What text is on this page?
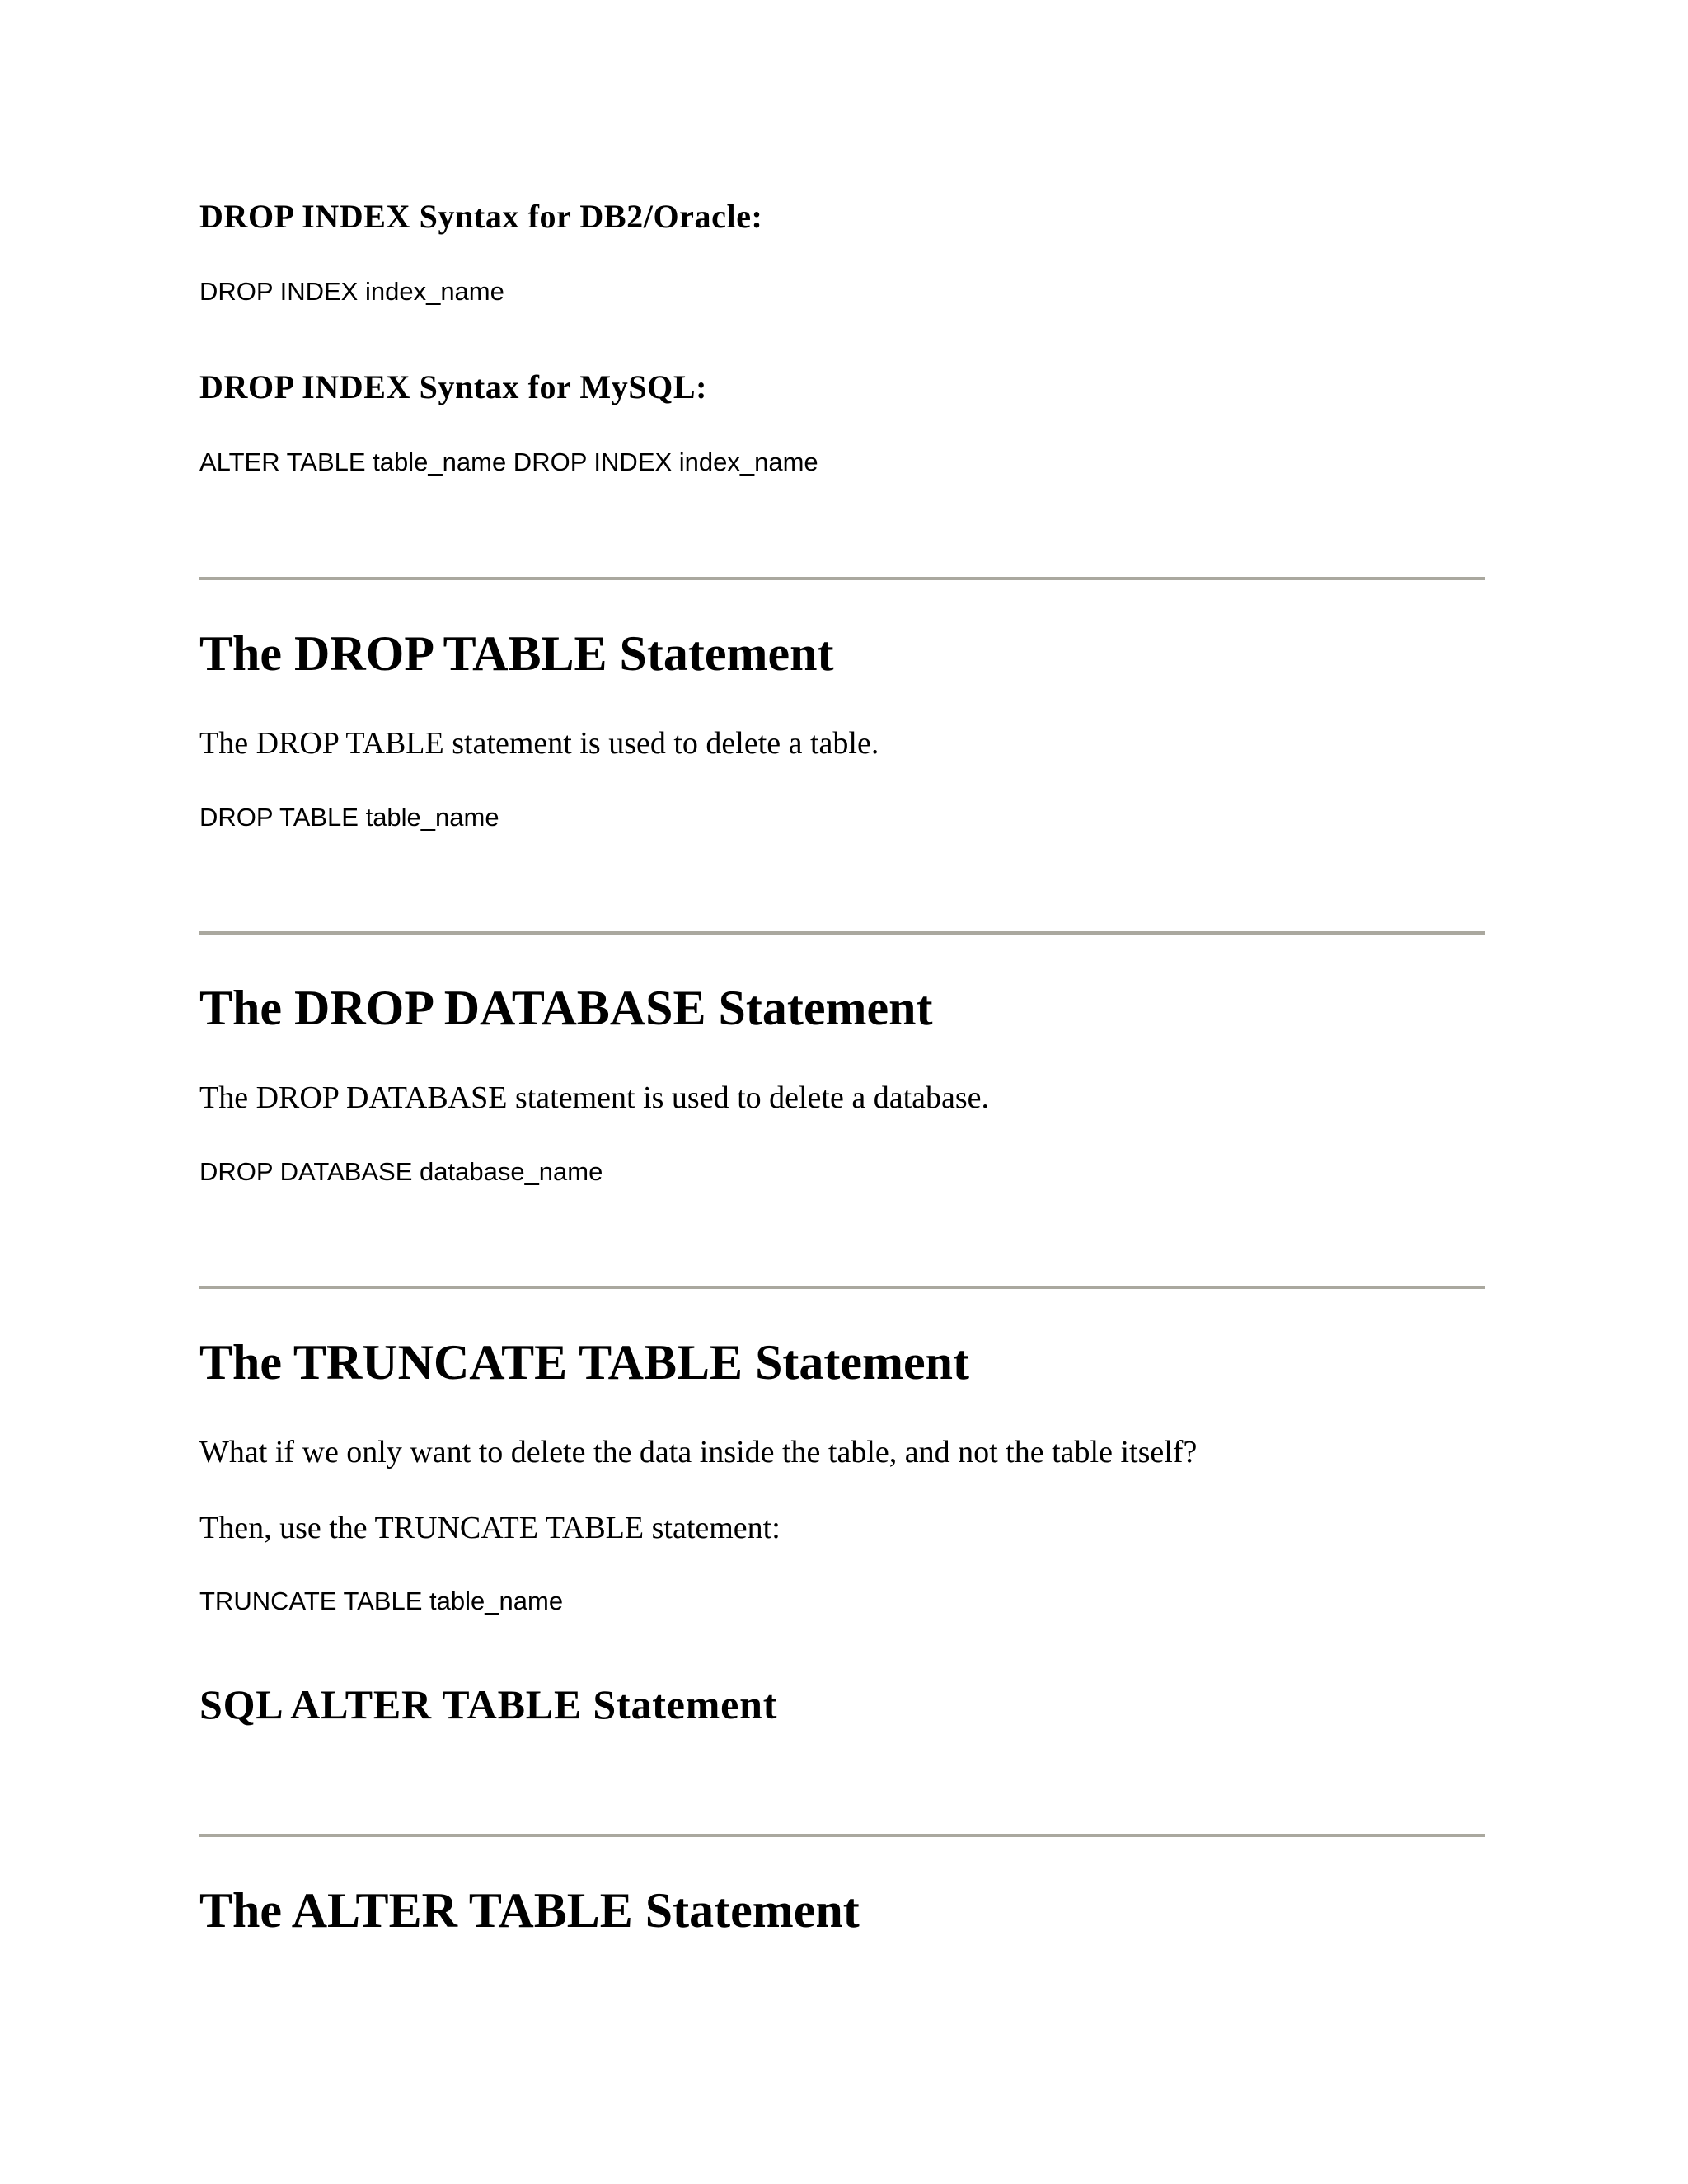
DROP INDEX Syntax for DB2/Oracle:
DROP INDEX index_name
DROP INDEX Syntax for MySQL:
ALTER TABLE table_name DROP INDEX index_name
The DROP TABLE Statement
The DROP TABLE statement is used to delete a table.
DROP TABLE table_name
The DROP DATABASE Statement
The DROP DATABASE statement is used to delete a database.
DROP DATABASE database_name
The TRUNCATE TABLE Statement
What if we only want to delete the data inside the table, and not the table itself?
Then, use the TRUNCATE TABLE statement:
TRUNCATE TABLE table_name
SQL ALTER TABLE Statement
The ALTER TABLE Statement
